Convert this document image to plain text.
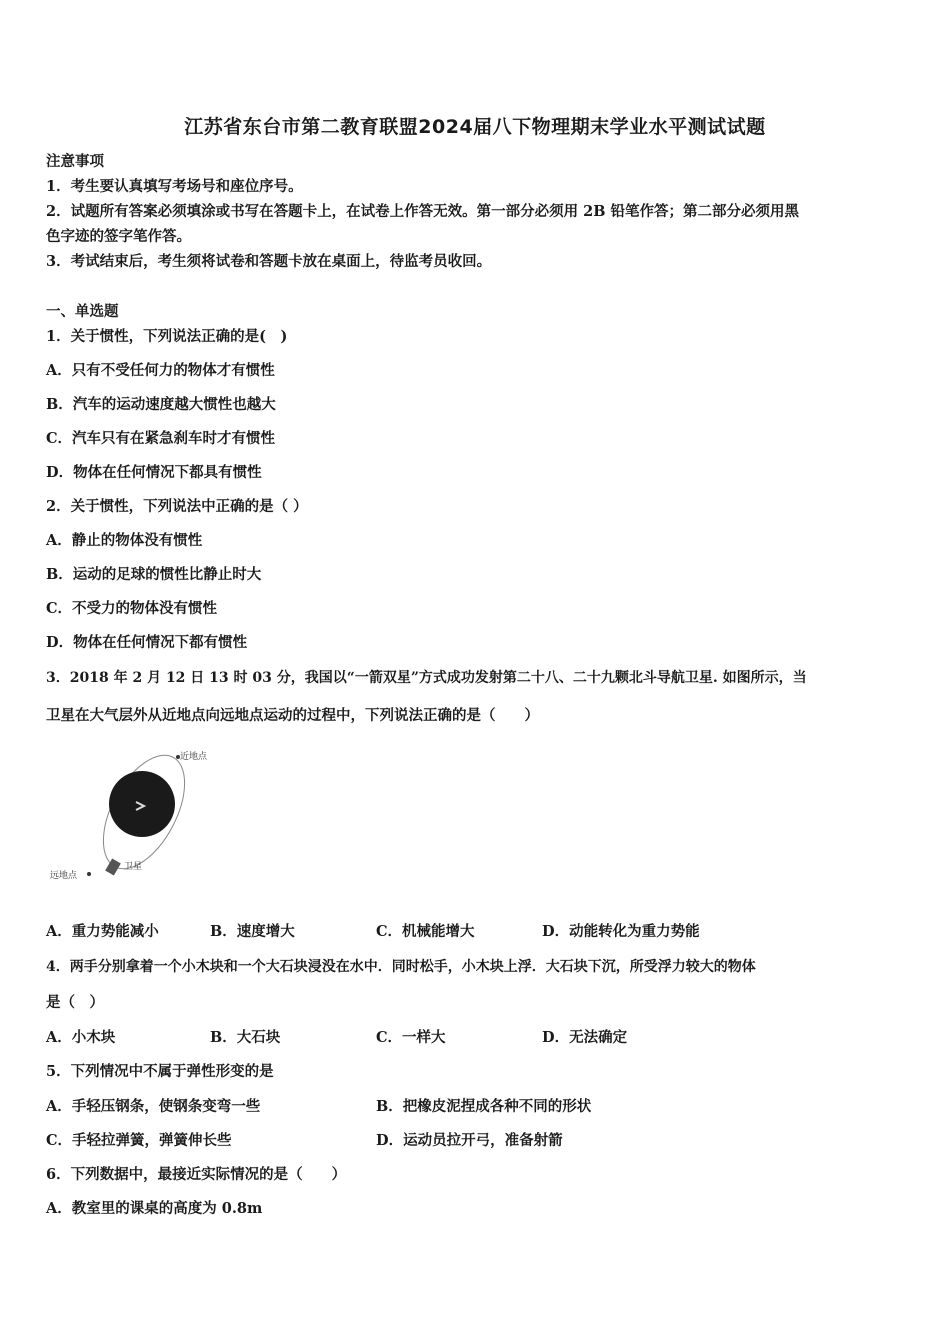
江苏省东台市第二教育联盟2024届八下物理期末学业水平测试试题
注意事项
1．考生要认真填写考场号和座位序号。
2．试题所有答案必须填涂或书写在答题卡上，在试卷上作答无效。第一部分必须用 2B 铅笔作答；第二部分必须用黑
色字迹的签字笔作答。
3．考试结束后，考生须将试卷和答题卡放在桌面上，待监考员收回。
一、单选题
1．关于惯性，下列说法正确的是(　)
A．只有不受任何力的物体才有惯性
B．汽车的运动速度越大惯性也越大
C．汽车只有在紧急刹车时才有惯性
D．物体在任何情况下都具有惯性
2．关于惯性，下列说法中正确的是（ ）
A．静止的物体没有惯性
B．运动的足球的惯性比静止时大
C．不受力的物体没有惯性
D．物体在任何情况下都有惯性
3．2018 年 2 月 12 日 13 时 03 分，我国以“一箭双星”方式成功发射第二十八、二十九颗北斗导航卫星. 如图所示，当
卫星在大气层外从近地点向远地点运动的过程中，下列说法正确的是（　　）
近地点
远地点
卫星
A．重力势能减小	B．速度增大	C．机械能增大	D．动能转化为重力势能
4．两手分别拿着一个小木块和一个大石块浸没在水中．同时松手，小木块上浮．大石块下沉，所受浮力较大的物体
是（　）
A．小木块	B．大石块	C．一样大	D．无法确定
5．下列情况中不属于弹性形变的是
A．手轻压钢条，使钢条变弯一些	B．把橡皮泥捏成各种不同的形状
C．手轻拉弹簧，弹簧伸长些	D．运动员拉开弓，准备射箭
6．下列数据中，最接近实际情况的是（　　）
A．教室里的课桌的高度为 0.8m
